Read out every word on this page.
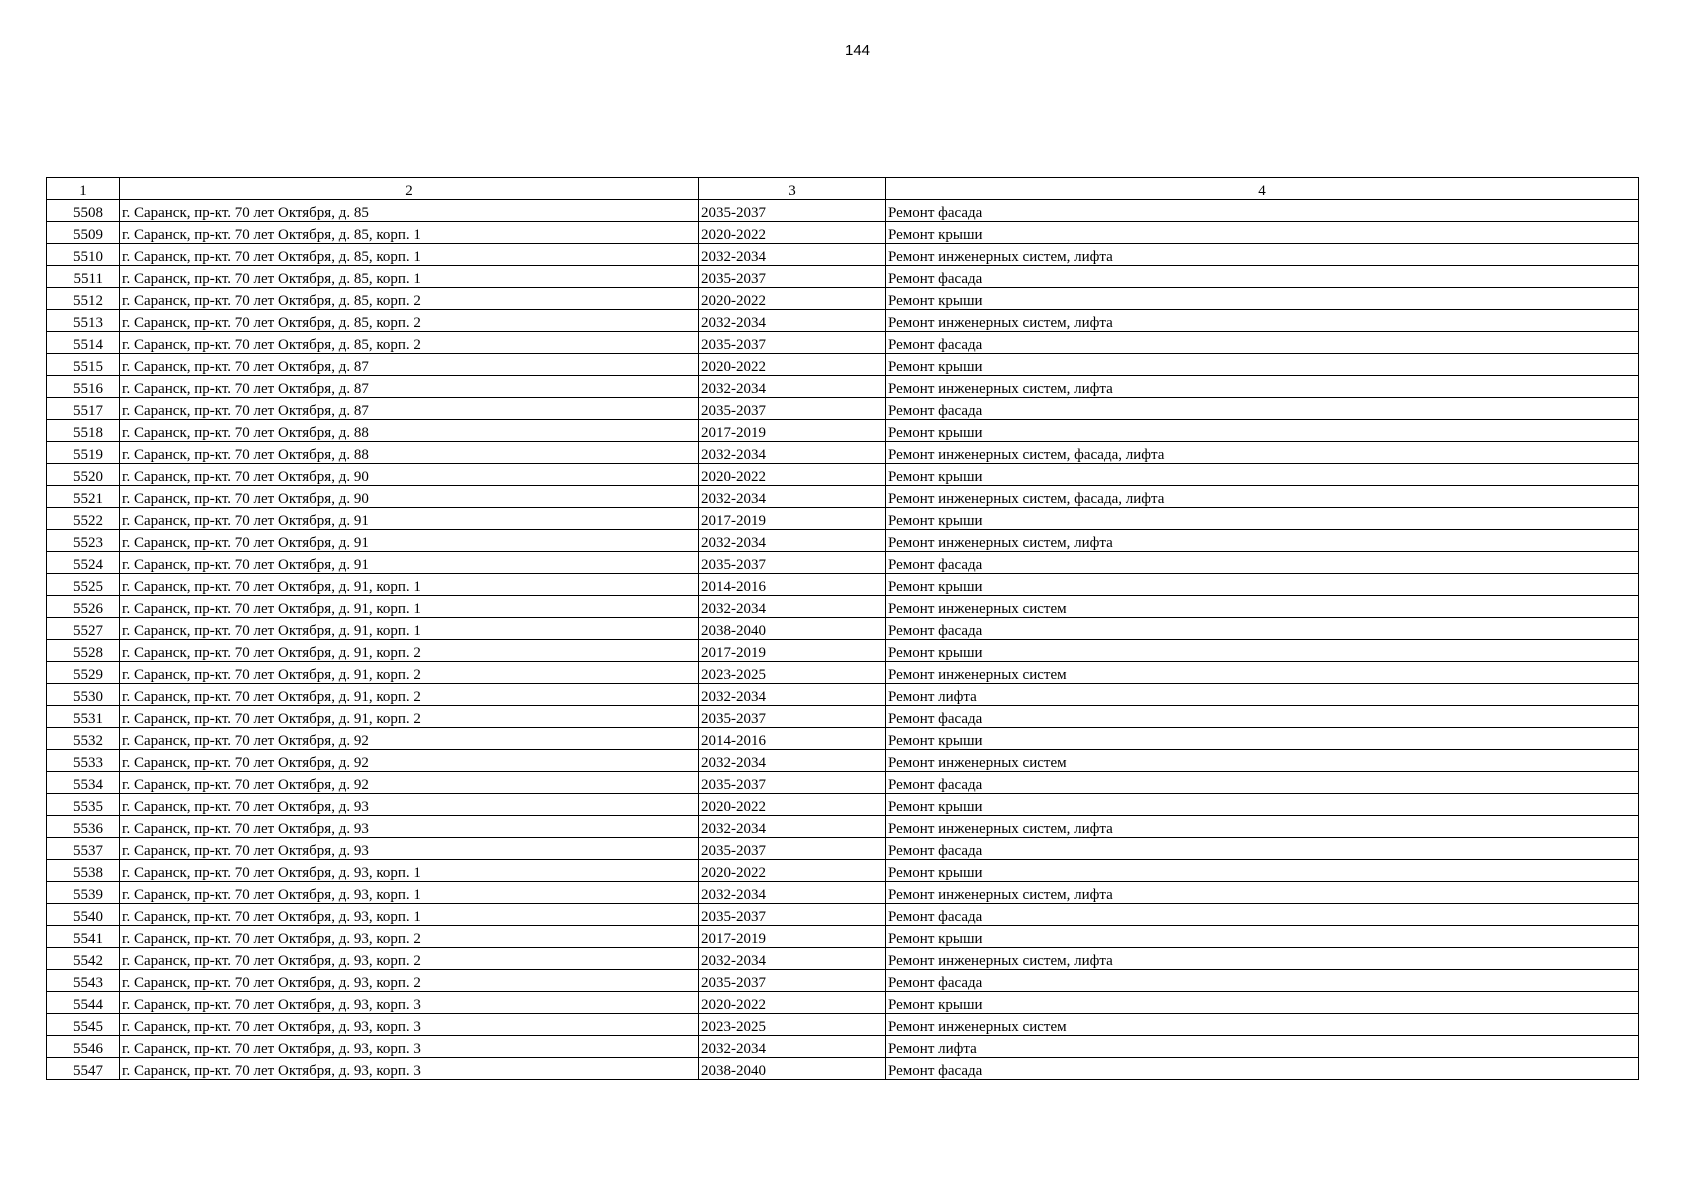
144
1	2	3	4
5508	г. Саранск, пр-кт. 70 лет Октября, д. 85	2035-2037	Ремонт фасада
5509	г. Саранск, пр-кт. 70 лет Октября, д. 85, корп. 1	2020-2022	Ремонт крыши
5510	г. Саранск, пр-кт. 70 лет Октября, д. 85, корп. 1	2032-2034	Ремонт инженерных систем, лифта
5511	г. Саранск, пр-кт. 70 лет Октября, д. 85, корп. 1	2035-2037	Ремонт фасада
5512	г. Саранск, пр-кт. 70 лет Октября, д. 85, корп. 2	2020-2022	Ремонт крыши
5513	г. Саранск, пр-кт. 70 лет Октября, д. 85, корп. 2	2032-2034	Ремонт инженерных систем, лифта
5514	г. Саранск, пр-кт. 70 лет Октября, д. 85, корп. 2	2035-2037	Ремонт фасада
5515	г. Саранск, пр-кт. 70 лет Октября, д. 87	2020-2022	Ремонт крыши
5516	г. Саранск, пр-кт. 70 лет Октября, д. 87	2032-2034	Ремонт инженерных систем, лифта
5517	г. Саранск, пр-кт. 70 лет Октября, д. 87	2035-2037	Ремонт фасада
5518	г. Саранск, пр-кт. 70 лет Октября, д. 88	2017-2019	Ремонт крыши
5519	г. Саранск, пр-кт. 70 лет Октября, д. 88	2032-2034	Ремонт инженерных систем, фасада, лифта
5520	г. Саранск, пр-кт. 70 лет Октября, д. 90	2020-2022	Ремонт крыши
5521	г. Саранск, пр-кт. 70 лет Октября, д. 90	2032-2034	Ремонт инженерных систем, фасада, лифта
5522	г. Саранск, пр-кт. 70 лет Октября, д. 91	2017-2019	Ремонт крыши
5523	г. Саранск, пр-кт. 70 лет Октября, д. 91	2032-2034	Ремонт инженерных систем, лифта
5524	г. Саранск, пр-кт. 70 лет Октября, д. 91	2035-2037	Ремонт фасада
5525	г. Саранск, пр-кт. 70 лет Октября, д. 91, корп. 1	2014-2016	Ремонт крыши
5526	г. Саранск, пр-кт. 70 лет Октября, д. 91, корп. 1	2032-2034	Ремонт инженерных систем
5527	г. Саранск, пр-кт. 70 лет Октября, д. 91, корп. 1	2038-2040	Ремонт фасада
5528	г. Саранск, пр-кт. 70 лет Октября, д. 91, корп. 2	2017-2019	Ремонт крыши
5529	г. Саранск, пр-кт. 70 лет Октября, д. 91, корп. 2	2023-2025	Ремонт инженерных систем
5530	г. Саранск, пр-кт. 70 лет Октября, д. 91, корп. 2	2032-2034	Ремонт лифта
5531	г. Саранск, пр-кт. 70 лет Октября, д. 91, корп. 2	2035-2037	Ремонт фасада
5532	г. Саранск, пр-кт. 70 лет Октября, д. 92	2014-2016	Ремонт крыши
5533	г. Саранск, пр-кт. 70 лет Октября, д. 92	2032-2034	Ремонт инженерных систем
5534	г. Саранск, пр-кт. 70 лет Октября, д. 92	2035-2037	Ремонт фасада
5535	г. Саранск, пр-кт. 70 лет Октября, д. 93	2020-2022	Ремонт крыши
5536	г. Саранск, пр-кт. 70 лет Октября, д. 93	2032-2034	Ремонт инженерных систем, лифта
5537	г. Саранск, пр-кт. 70 лет Октября, д. 93	2035-2037	Ремонт фасада
5538	г. Саранск, пр-кт. 70 лет Октября, д. 93, корп. 1	2020-2022	Ремонт крыши
5539	г. Саранск, пр-кт. 70 лет Октября, д. 93, корп. 1	2032-2034	Ремонт инженерных систем, лифта
5540	г. Саранск, пр-кт. 70 лет Октября, д. 93, корп. 1	2035-2037	Ремонт фасада
5541	г. Саранск, пр-кт. 70 лет Октября, д. 93, корп. 2	2017-2019	Ремонт крыши
5542	г. Саранск, пр-кт. 70 лет Октября, д. 93, корп. 2	2032-2034	Ремонт инженерных систем, лифта
5543	г. Саранск, пр-кт. 70 лет Октября, д. 93, корп. 2	2035-2037	Ремонт фасада
5544	г. Саранск, пр-кт. 70 лет Октября, д. 93, корп. 3	2020-2022	Ремонт крыши
5545	г. Саранск, пр-кт. 70 лет Октября, д. 93, корп. 3	2023-2025	Ремонт инженерных систем
5546	г. Саранск, пр-кт. 70 лет Октября, д. 93, корп. 3	2032-2034	Ремонт лифта
5547	г. Саранск, пр-кт. 70 лет Октября, д. 93, корп. 3	2038-2040	Ремонт фасада
